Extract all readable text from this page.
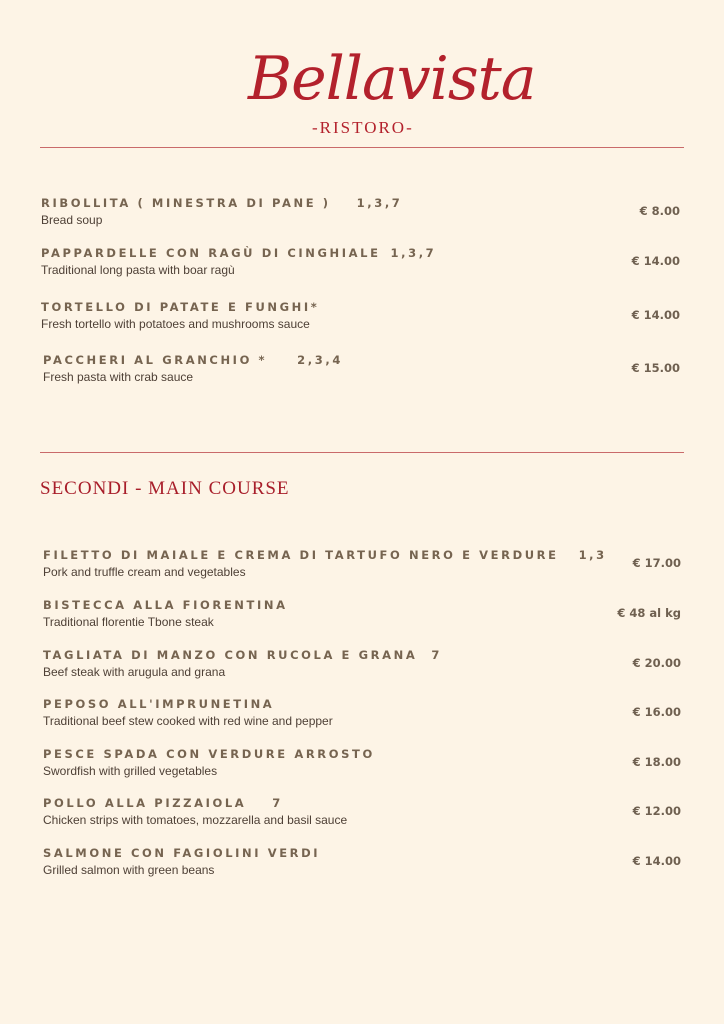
Bellavista
-RISTORO-
RIBOLLITA ( MINESTRA DI PANE ) 1,3,7
Bread soup
€ 8.00
PAPPARDELLE CON RAGÙ DI CINGHIALE 1,3,7
Traditional long pasta with boar ragù
€ 14.00
TORTELLO DI PATATE E FUNGHI*
Fresh tortello with potatoes and mushrooms sauce
€ 14.00
PACCHERI AL GRANCHIO *	2,3,4
Fresh pasta with crab sauce
€ 15.00
SECONDI - MAIN COURSE
FILETTO DI MAIALE E CREMA DI TARTUFO NERO E VERDURE 1,3
Pork and truffle cream and vegetables
€ 17.00
BISTECCA ALLA FIORENTINA
Traditional florentie Tbone steak
€ 48 al kg
TAGLIATA DI MANZO CON RUCOLA E GRANA 7
Beef steak with arugula and grana
€ 20.00
PEPOSO ALL'IMPRUNETINA
Traditional beef stew cooked with red wine and pepper
€ 16.00
PESCE SPADA CON VERDURE ARROSTO
Swordfish with grilled vegetables
€ 18.00
POLLO ALLA PIZZAIOLA 7
Chicken strips with tomatoes, mozzarella and basil sauce
€ 12.00
SALMONE CON FAGIOLINI VERDI
Grilled salmon with green beans
€ 14.00
